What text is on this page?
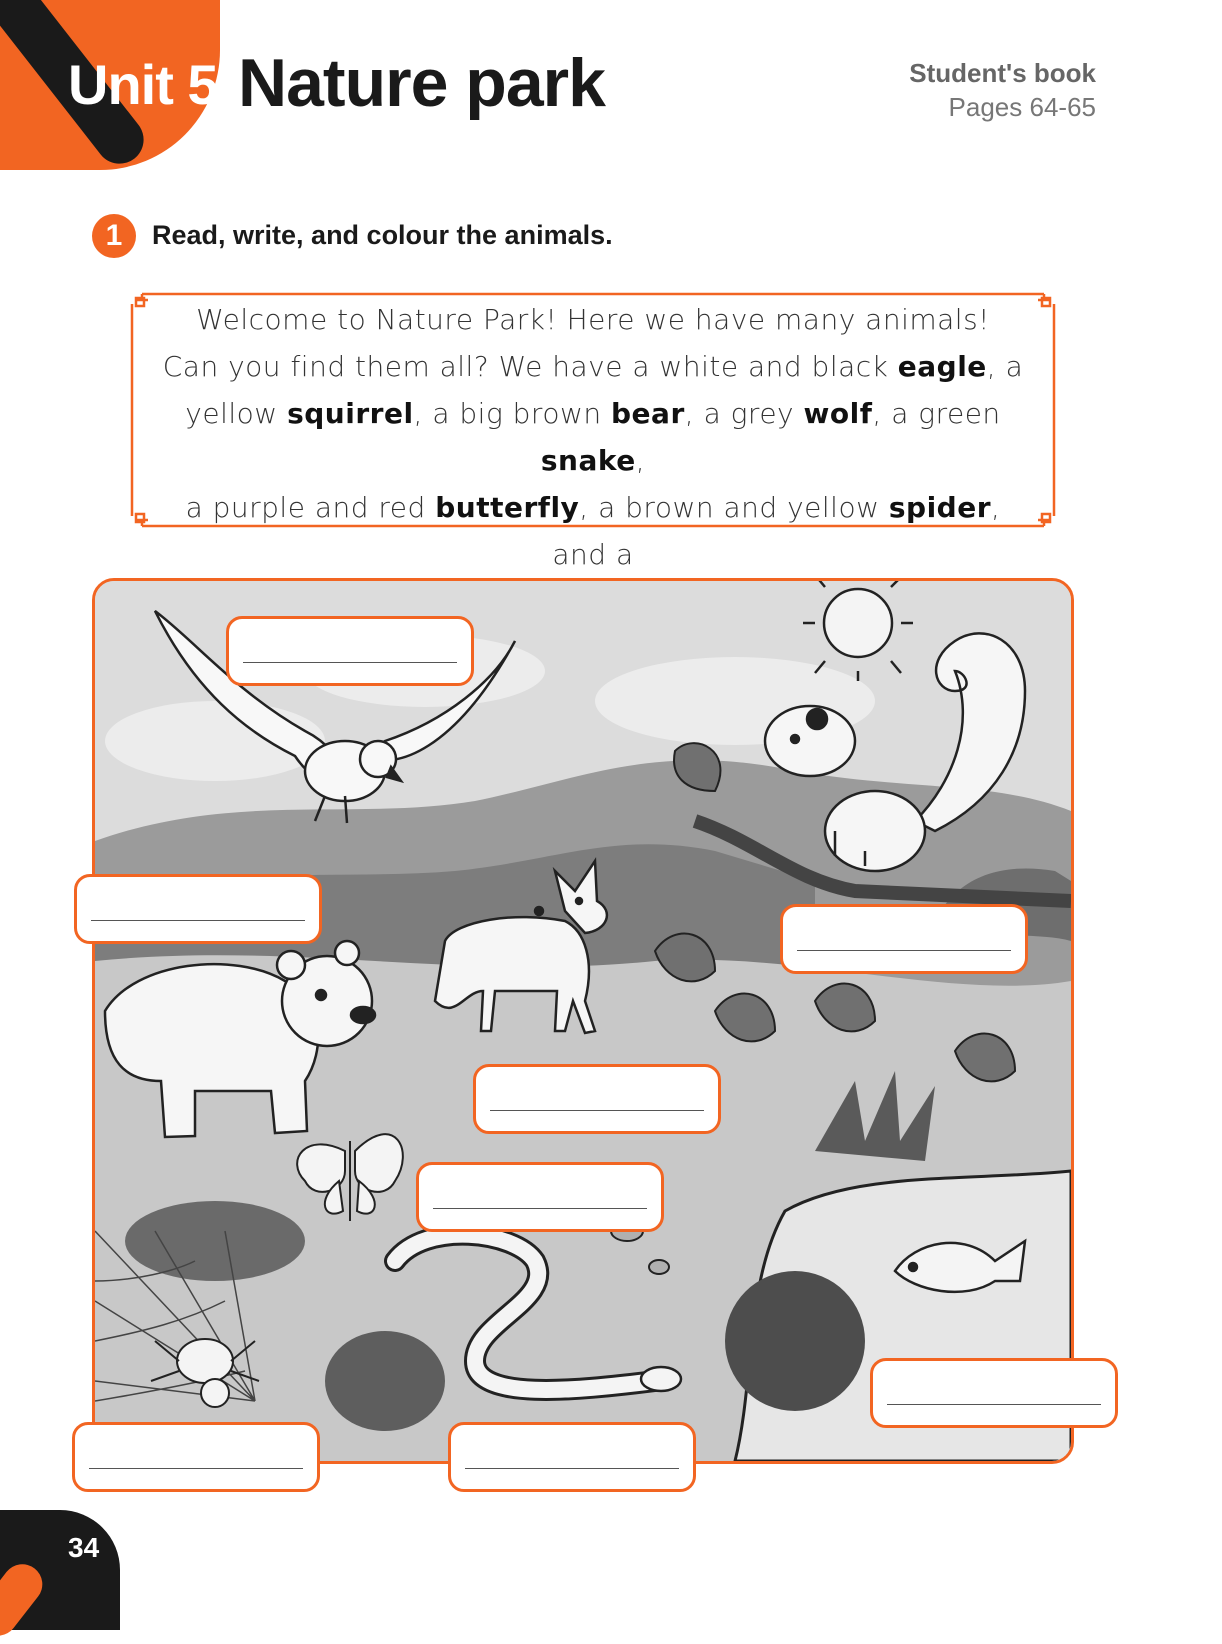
Unit 5 Nature park	Student's book
Pages 64-65
1	Read, write, and colour the animals.
Welcome to Nature Park! Here we have many animals!
Can you find them all? We have a white and black eagle, a
yellow squirrel, a big brown bear, a grey wolf, a green snake,
a purple and red butterfly, a brown and yellow spider, and a

34
